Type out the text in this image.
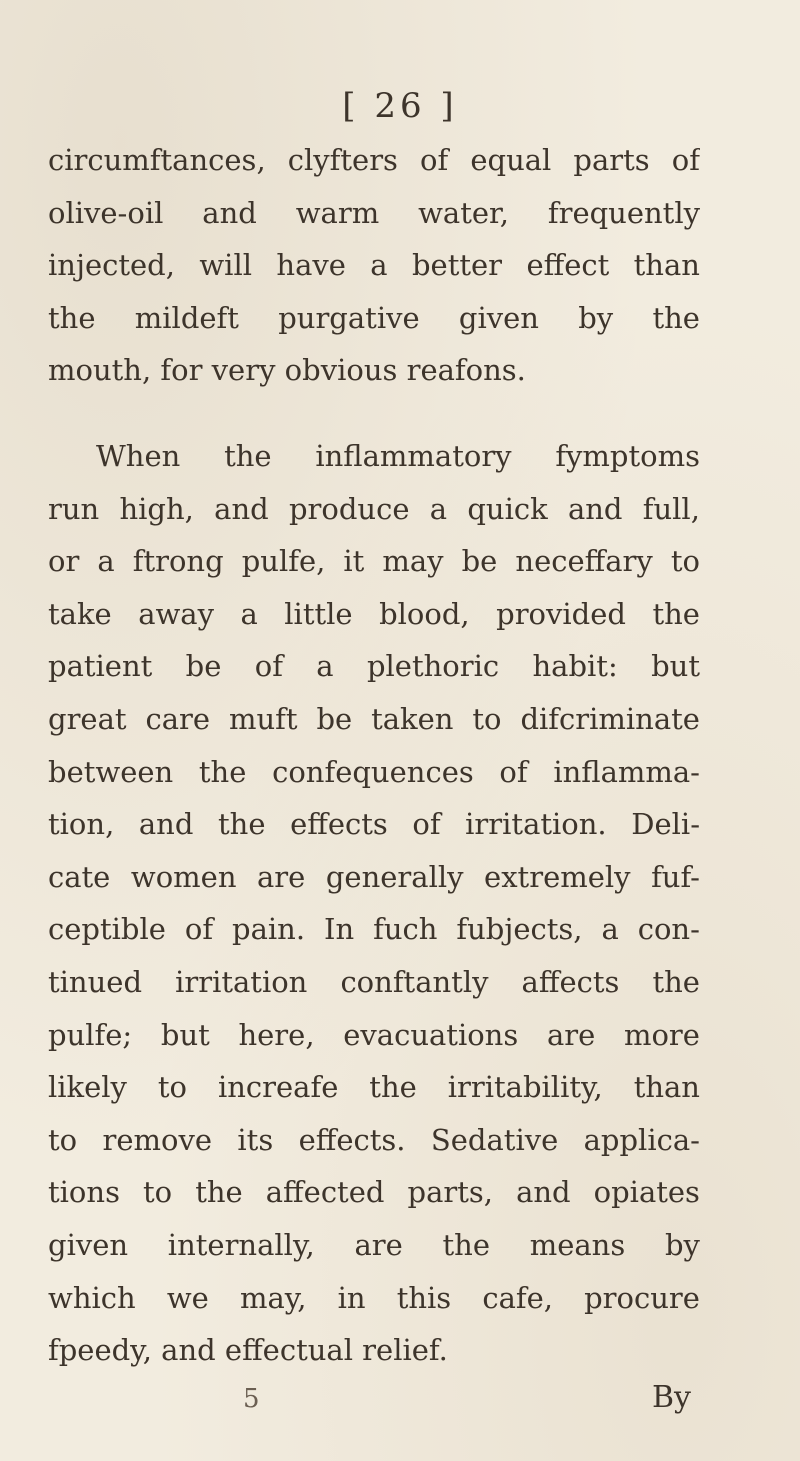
[ 26 ]
circumftances, clyfters of equal parts of
olive-oil and warm water, frequently
injected, will have a better effect than
the mildeft purgative given by the
mouth, for very obvious reafons.
When the inflammatory fymptoms
run high, and produce a quick and full,
or a ftrong pulfe, it may be neceffary to
take away a little blood, provided the
patient be of a plethoric habit: but
great care muft be taken to difcriminate
between the confequences of inflamma-
tion, and the effects of irritation. Deli-
cate women are generally extremely fuf-
ceptible of pain. In fuch fubjects, a con-
tinued irritation conftantly affects the
pulfe; but here, evacuations are more
likely to increafe the irritability, than
to remove its effects. Sedative applica-
tions to the affected parts, and opiates
given internally, are the means by
which we may, in this cafe, procure
fpeedy, and effectual relief.
5	By
